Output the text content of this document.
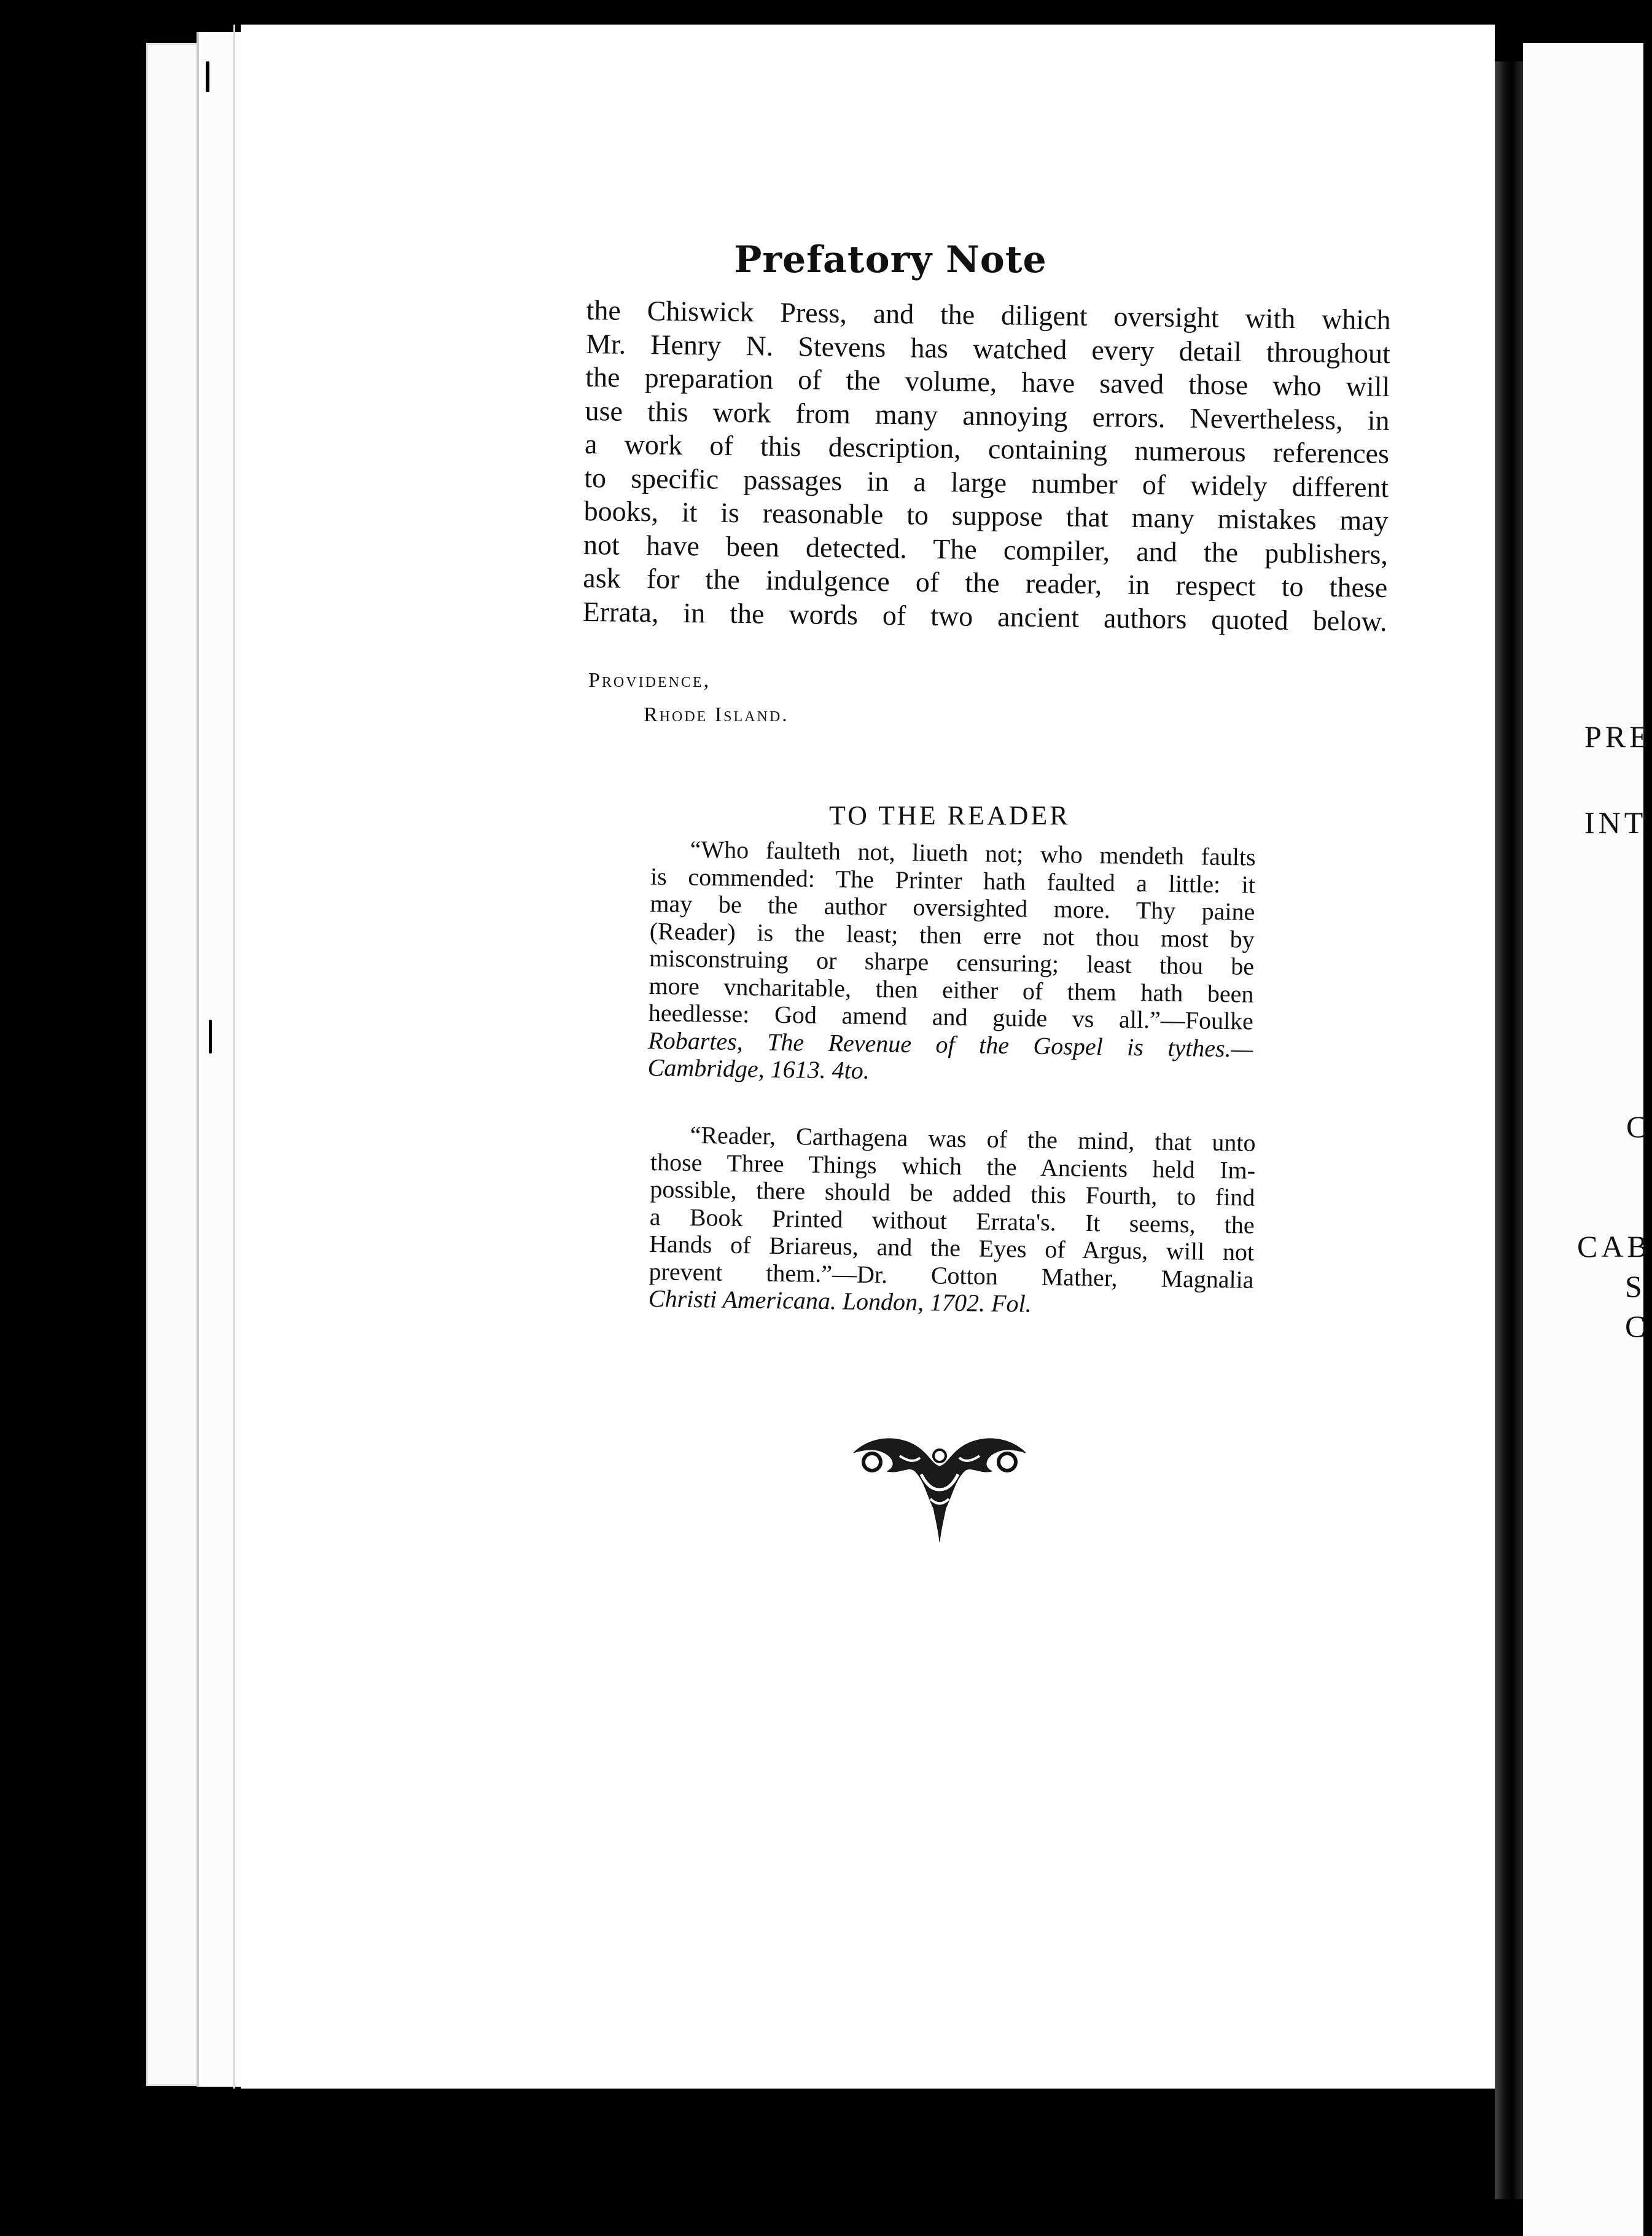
PRE
INT
C
CAB
S
C
Prefatory Note
the Chiswick Press, and the diligent oversight with which
Mr. Henry N. Stevens has watched every detail throughout
the preparation of the volume, have saved those who will
use this work from many annoying errors. Nevertheless, in
a work of this description, containing numerous references
to specific passages in a large number of widely different
books, it is reasonable to suppose that many mistakes may
not have been detected. The compiler, and the publishers,
ask for the indulgence of the reader, in respect to these
Errata, in the words of two ancient authors quoted below.
Providence,
Rhode Island.
TO THE READER
“Who faulteth not, liueth not; who mendeth faults
is commended: The Printer hath faulted a little: it
may be the author oversighted more. Thy paine
(Reader) is the least; then erre not thou most by
misconstruing or sharpe censuring; least thou be
more vncharitable, then either of them hath been
heedlesse: God amend and guide vs all.”—Foulke
Robartes, The Revenue of the Gospel is tythes.—
Cambridge, 1613. 4to.
“Reader, Carthagena was of the mind, that unto
those Three Things which the Ancients held Im-
possible, there should be added this Fourth, to find
a Book Printed without Errata's. It seems, the
Hands of Briareus, and the Eyes of Argus, will not
prevent them.”—Dr. Cotton Mather, Magnalia
Christi Americana. London, 1702. Fol.
